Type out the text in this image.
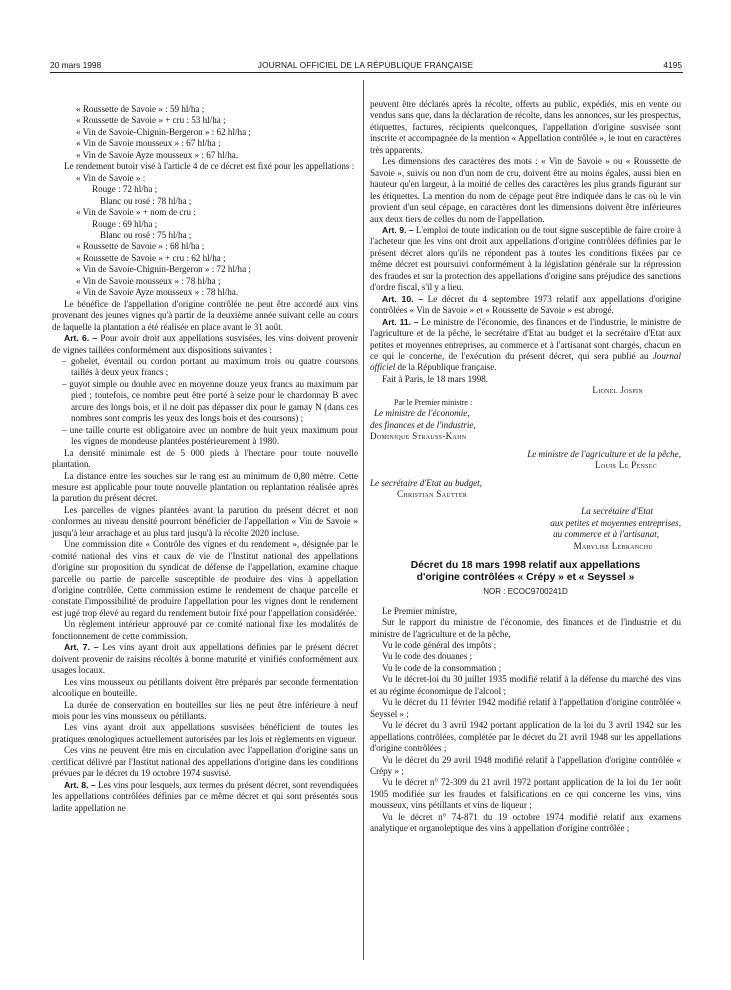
20 mars 1998	JOURNAL OFFICIEL DE LA RÉPUBLIQUE FRANÇAISE	4195

« Roussette de Savoie » : 59 hl/ha ;

« Roussette de Savoie » + cru : 53 hl/ha ;

« Vin de Savoie-Chignin-Bergeron » : 62 hl/ha ;

« Vin de Savoie mousseux » : 67 hl/ha ;

« Vin de Savoie Ayze mousseux » : 67 hl/ha.

Le rendement butoir visé à l'article 4 de ce décret est fixé pour les appellations :

« Vin de Savoie » :

Rouge : 72 hl/ha ;

Blanc ou rosé : 78 hl/ha ;

« Vin de Savoie » + nom de cru :

Rouge : 69 hl/ha ;

Blanc ou rosé : 75 hl/ha ;

« Roussette de Savoie » : 68 hl/ha ;

« Roussette de Savoie » + cru : 62 hl/ha ;

« Vin de Savoie-Chignin-Bergeron » : 72 hl/ha ;

« Vin de Savoie mousseux » : 78 hl/ha ;

« Vin de Savoie Ayze mousseux » : 78 hl/ha.

Le bénéfice de l'appellation d'origine contrôlée ne peut être accordé aux vins provenant des jeunes vignes qu'à partir de la deuxième année suivant celle au cours de laquelle la plantation a été réalisée en place avant le 31 août.

Art. 6. – Pour avoir droit aux appellations susvisées, les vins doivent provenir de vignes taillées conformément aux dispositions suivantes :

– gobelet, éventail ou cordon portant au maximum trois ou quatre coursons taillés à deux yeux francs ;

– guyot simple ou double avec en moyenne douze yeux francs au maximum par pied ; toutefois, ce nombre peut être porté à seize pour le chardonnay B avec arcure des longs bois, et il ne doit pas dépasser dix pour le gamay N (dans ces nombres sont compris les yeux des longs bois et des coursons) ;

– une taille courte est obligatoire avec un nombre de huit yeux maximum pour les vignes de mondeuse plantées postérieurement à 1980.

La densité minimale est de 5 000 pieds à l'hectare pour toute nouvelle plantation.

La distance entre les souches sur le rang est au minimum de 0,80 mètre. Cette mesure est applicable pour toute nouvelle plantation ou replantation réalisée après la parution du présent décret.

Les parcelles de vignes plantées avant la parution du présent décret et non conformes au niveau densité pourront bénéficier de l'appellation « Vin de Savoie » jusqu'à leur arrachage et au plus tard jusqu'à la récolte 2020 incluse.

Une commission dite « Contrôle des vignes et du rendement », désignée par le comité national des vins et caux de vie de l'Institut national des appellations d'origine sur proposition du syndicat de défense de l'appellation, examine chaque parcelle ou partie de parcelle susceptible de produire des vins à appellation d'origine contrôlée. Cette commission estime le rendement de chaque parcelle et constate l'impossibilité de produire l'appellation pour les vignes dont le rendement est jugé trop élevé au regard du rendement butoir fixé pour l'appellation considérée.

Un règlement intérieur approuvé par ce comité national fixe les modalités de fonctionnement de cette commission.

Art. 7. – Les vins ayant droit aux appellations définies par le présent décret doivent provenir de raisins récoltés à bonne maturité et vinifiés conformément aux usages locaux.

Les vins mousseux ou pétillants doivent être préparés par seconde fermentation alcoolique en bouteille.

La durée de conservation en bouteilles sur lies ne peut être inférieure à neuf mois pour les vins mousseux ou pétillants.

Les vins ayant droit aux appellations susvisées bénéficient de toutes les pratiques œnologiques actuellement autorisées par les lois et règlements en vigueur.

Ces vins ne peuvent être mis en circulation avec l'appellation d'origine sans un certificat délivré par l'Institut national des appellations d'origine dans les conditions prévues par le décret du 19 octobre 1974 susvisé.

Art. 8. – Les vins pour lesquels, aux termes du présent décret, sont revendiquées les appellations contrôlées définies par ce même décret et qui sont présentés sous ladite appellation ne

peuvent être déclarés après la récolte, offerts au public, expédiés, mis en vente ou vendus sans que, dans la déclaration de récolte, dans les annonces, sur les prospectus, étiquettes, factures, récipients quelconques, l'appellation d'origine susvisée sont inscrite et accompagnée de la mention « Appellation contrôlée », le tout en caractères très apparents.

Les dimensions des caractères des mots : « Vin de Savoie » ou « Roussette de Savoie », suivis ou non d'un nom de cru, doivent être au moins égales, aussi bien en hauteur qu'en largeur, à la moitié de celles des caractères les plus grands figurant sur les étiquettes. La mention du nom de cépage peut être indiquée dans le cas où le vin provient d'un seul cépage, en caractères dont les dimensions doivent être inférieures aux deux tiers de celles du nom de l'appellation.

Art. 9. – L'emploi de toute indication ou de tout signe susceptible de faire croire à l'acheteur que les vins ont droit aux appellations d'origine contrôlées définies par le présent décret alors qu'ils ne répondent pas à toutes les conditions fixées par ce même décret est poursuivi conformément à la législation générale sur la répression des fraudes et sur la protection des appellations d'origine sans préjudice des sanctions d'ordre fiscal, s'il y a lieu.

Art. 10. – Le décret du 4 septembre 1973 relatif aux appellations d'origine contrôlées « Vin de Savoie » et « Roussette de Savoie » est abrogé.

Art. 11. – Le ministre de l'économie, des finances et de l'industrie, le ministre de l'agriculture et de la pêche, le secrétaire d'Etat au budget et la secrétaire d'Etat aux petites et moyennes entreprises, au commerce et à l'artisanat sont chargés, chacun en ce qui le concerne, de l'exécution du présent décret, qui sera publié au Journal officiel de la République française.

Fait à Paris, le 18 mars 1998.

Lionel Jospin

Par le Premier ministre :

Le ministre de l'économie,

des finances et de l'industrie,

Dominique Strauss-Kahn

Le ministre de l'agriculture et de la pêche,

Louis Le Pensec

Le secrétaire d'Etat au budget,

Christian Sautter

La secrétaire d'Etat

aux petites et moyennes entreprises,

au commerce et à l'artisanat,

Marylise Lebranchu

Décret du 18 mars 1998 relatif aux appellations
d'origine contrôlées « Crépy » et « Seyssel »
NOR : ECOC9700241D

Le Premier ministre,

Sur le rapport du ministre de l'économie, des finances et de l'industrie et du ministre de l'agriculture et de la pêche,

Vu le code général des impôts ;

Vu le code des douanes ;

Vu le code de la consommation ;

Vu le décret-loi du 30 juillet 1935 modifié relatif à la défense du marché des vins et au régime économique de l'alcool ;

Vu le décret du 11 février 1942 modifié relatif à l'appellation d'origine contrôlée « Seyssel » ;

Vu le décret du 3 avril 1942 portant application de la loi du 3 avril 1942 sur les appellations contrôlées, complétée par le décret du 21 avril 1948 sur les appellations d'origine contrôlées ;

Vu le décret du 29 avril 1948 modifié relatif à l'appellation d'origine contrôlée « Crépy » ;

Vu le décret n° 72-309 du 21 avril 1972 portant application de la loi du 1er août 1905 modifiée sur les fraudes et falsifications en ce qui concerne les vins, vins mousseux, vins pétillants et vins de liqueur ;

Vu le décret n° 74-871 du 19 octobre 1974 modifié relatif aux examens analytique et organoleptique des vins à appellation d'origine contrôlée ;
